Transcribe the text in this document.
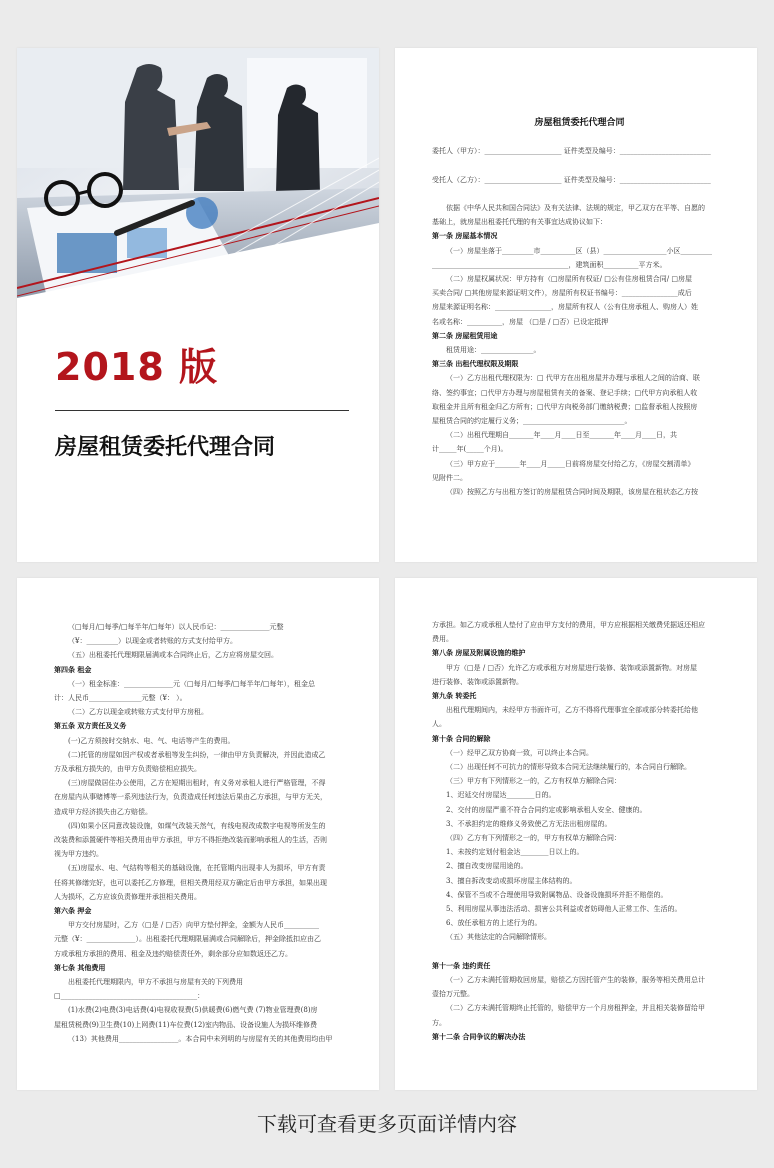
2018 版
房屋租赁委托代理合同

房屋租赁委托代理合同

委托人（甲方）：______________________ 证件类型及编号：__________________________

受托人（乙方）：______________________ 证件类型及编号：__________________________

依据《中华人民共和国合同法》及有关法律、法规的规定，甲乙双方在平等、自愿的

基础上，就房屋出租委托代理的有关事宜达成协议如下：

第一条 房屋基本情况

（一）房屋坐落于_________市__________区（县）__________________小区_________

_______________________________________，建筑面积__________平方米。

（二）房屋权属状况：甲方持有（□房屋所有权证/ □公有住房租赁合同/ □房屋

买卖合同/ □其他房屋来源证明文件），房屋所有权证书编号：________________成后

房屋来源证明名称：________________，房屋所有权人（公有住房承租人、购房人）姓

名或名称：__________，房屋 （□是 / □否）已设定抵押

第二条 房屋租赁用途

租赁用途：_______________。

第三条 出租代理权限及期限

（一）乙方出租代理权限为：□ 代甲方在出租房屋并办理与承租人之间的洽商、联

络、签约事宜；□代甲方办理与房屋租赁有关的备案、登记手续；□代甲方向承租人收

取租金并且所有租金归乙方所有；□代甲方向税务部门缴纳税费；□监督承租人按照房

屋租赁合同的约定履行义务；_____________________________。

（二）出租代理期自_______年____月____日至_______年____月____日，共

计_____年(_____个月)。

（三）甲方应于_______年____月_____日前将房屋交付给乙方，《房屋交割清单》

见附件二。

（四）按照乙方与出租方签订的房屋租赁合同时间及期限，该房屋在租状态乙方按

（□每月/□每季/□每半年/□每年）以人民币记：______________元整

（¥：_________）以现金或者转账的方式支付给甲方。

（五）出租委托代理期限届满或本合同终止后，乙方应将房屋交回。

第四条 租金

（一）租金标准：______________元（□每月/□每季/□每半年/□每年），租金总

计：人民币_______________元整（¥： ）。

（二）乙方以现金或转账方式支付甲方房租。

第五条 双方责任及义务

(一)乙方须按时交纳水、电、气、电话等产生的费用。

(二)托管的房屋如因产权或者承租等发生纠纷，一律由甲方负责解决，并因此造成乙

方及承租方损失的，由甲方负责赔偿相应损失。

(三)房屋做居住办公使用，乙方在短期出租时，有义务对承租人进行严格管理，不得

在房屋内从事赌博等一系列违法行为，负责造成任何违法后果由乙方承担，与甲方无关，

造成甲方经济损失由乙方赔偿。

(四)如果小区同意改装设施，如煤气改装天然气，有线电视改成数字电视等所发生的

改装费和添置硬件等相关费用由甲方承担，甲方不得拒绝改装而影响承租人的生活，否则

视为甲方违约。

(五)房屋水、电、气结构等相关的基础设施，在托管期内出现非人为损坏，甲方有责

任将其修缮完好，也可以委托乙方修理，但相关费用经双方确定后由甲方承担，如果出现

人为损坏，乙方应该负责修理并承担相关费用。

第六条 押金

甲方交付房屋时，乙方（□是 / □否）向甲方垫付押金，金额为人民币__________

元整（¥：______________）。出租委托代理期限届满或合同解除后，押金除抵扣应由乙

方或承租方承担的费用、租金及违约赔偿责任外，剩余部分应如数返还乙方。

第七条 其他费用

出租委托代理期限内，甲方不承担与房屋有关的下列费用

□_______________________________________：

(1)水费(2)电费(3)电话费(4)电视收视费(5)供暖费(6)燃气费 (7)物业管理费(8)房

屋租赁税费(9)卫生费(10)上网费(11)车位费(12)室内物品、设备设施人为损坏维修费

（13）其他费用_________________。本合同中未列明的与房屋有关的其他费用均由甲

方承担。如乙方或承租人垫付了应由甲方支付的费用，甲方应根据相关缴费凭据返还相应

费用。

第八条 房屋及附属设施的维护

甲方（□是 / □否）允许乙方或承租方对房屋进行装修、装饰或添置新物。对房屋

进行装修、装饰或添置新物。

第九条 转委托

出租代理期间内，未经甲方书面许可，乙方不得将代理事宜全部或部分转委托给他

人。

第十条 合同的解除

（一）经甲乙双方协商一致，可以终止本合同。

（二）出现任何不可抗力的情形导致本合同无法继续履行的，本合同自行解除。

（三）甲方有下列情形之一的，乙方有权单方解除合同：

1、迟延交付房屋达________日的。

2、交付的房屋严重不符合合同约定或影响承租人安全、健康的。

3、不承担约定的维修义务致使乙方无法出租房屋的。

（四）乙方有下列情形之一的，甲方有权单方解除合同：

1、未按约定划付租金达________日以上的。

2、擅自改变房屋用途的。

3、擅自拆改变动或损坏房屋主体结构的。

4、保管不当或不合理使用导致附属物品、设备设施损坏并拒不赔偿的。

5、利用房屋从事违法活动、损害公共利益或者妨碍他人正常工作、生活的。

6、放任承租方的上述行为的。

（五）其他法定的合同解除情形。

第十一条 违约责任

（一）乙方未满托管期收回房屋，赔偿乙方因托管产生的装修，服务等相关费用总计

壹拾万元整。

（二）乙方未满托管期终止托管的，赔偿甲方一个月房租押金，并且相关装修留给甲

方。

第十二条 合同争议的解决办法

下载可查看更多页面详情内容
